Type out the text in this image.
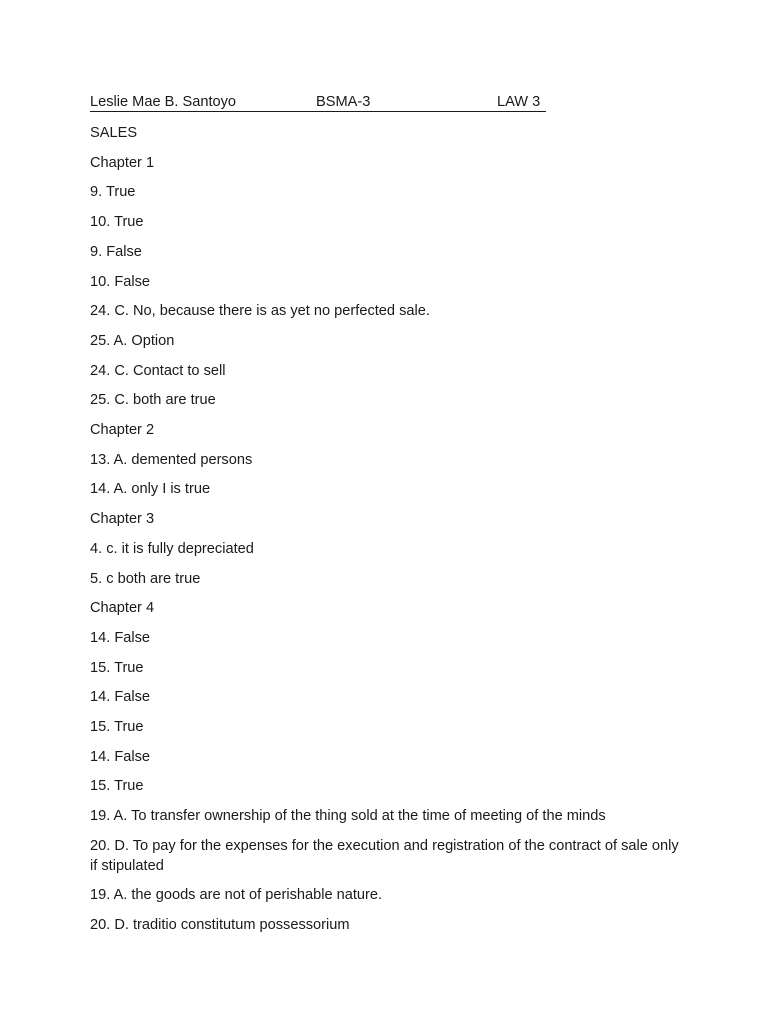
Leslie Mae B. Santoyo	BSMA-3	LAW 3
SALES
Chapter 1
9. True
10. True
9. False
10. False
24. C. No, because there is as yet no perfected sale.
25. A. Option
24. C. Contact to sell
25. C. both are true
Chapter 2
13. A. demented persons
14. A. only I is true
Chapter 3
4. c. it is fully depreciated
5. c both are true
Chapter 4
14. False
15. True
14. False
15. True
14. False
15. True
19. A. To transfer ownership of the thing sold at the time of meeting of the minds
20. D. To pay for the expenses for the execution and registration of the contract of sale only if stipulated
19. A. the goods are not of perishable nature.
20. D. traditio constitutum possessorium
